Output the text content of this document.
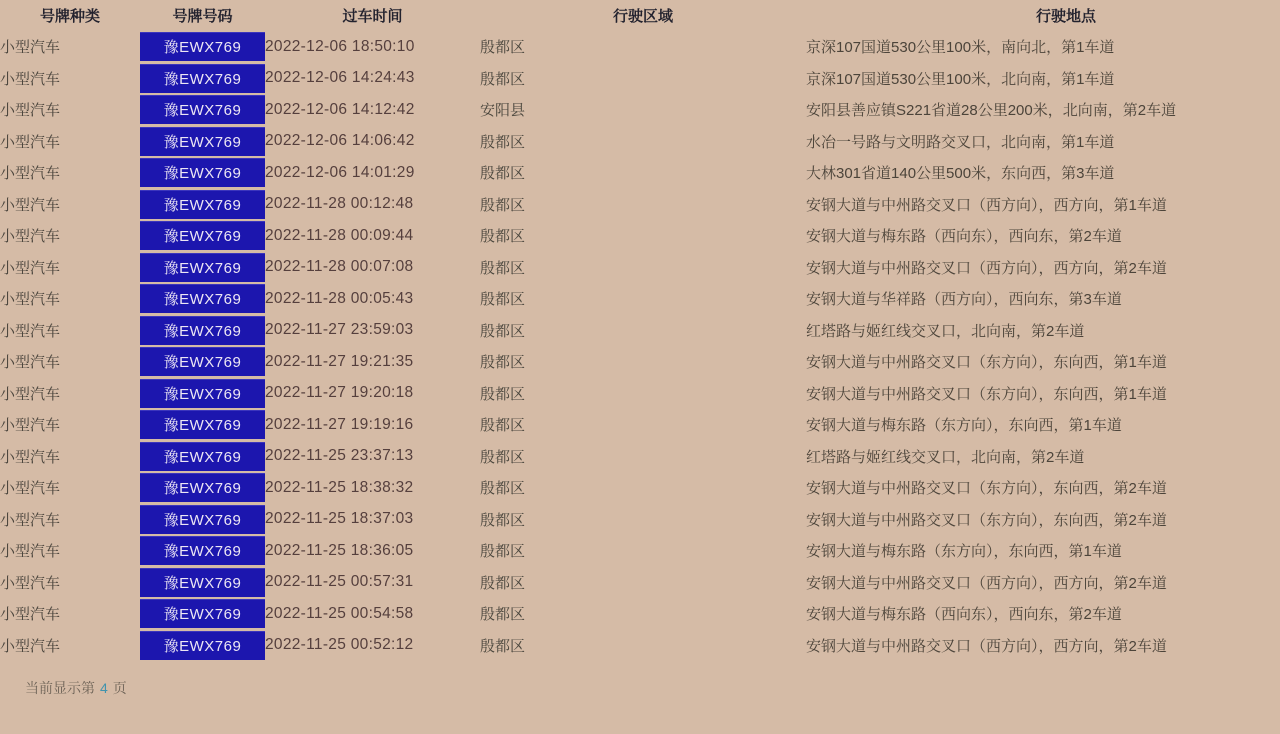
号牌种类	号牌号码	过车时间	行驶区域	行驶地点
小型汽车	豫EWX769	2022-12-06 18:50:10	殷都区	京深107国道530公里100米，南向北，第1车道
小型汽车	豫EWX769	2022-12-06 14:24:43	殷都区	京深107国道530公里100米，北向南，第1车道
小型汽车	豫EWX769	2022-12-06 14:12:42	安阳县	安阳县善应镇S221省道28公里200米，北向南，第2车道
小型汽车	豫EWX769	2022-12-06 14:06:42	殷都区	水冶一号路与文明路交叉口，北向南，第1车道
小型汽车	豫EWX769	2022-12-06 14:01:29	殷都区	大林301省道140公里500米，东向西，第3车道
小型汽车	豫EWX769	2022-11-28 00:12:48	殷都区	安钢大道与中州路交叉口（西方向），西方向，第1车道
小型汽车	豫EWX769	2022-11-28 00:09:44	殷都区	安钢大道与梅东路（西向东），西向东，第2车道
小型汽车	豫EWX769	2022-11-28 00:07:08	殷都区	安钢大道与中州路交叉口（西方向），西方向，第2车道
小型汽车	豫EWX769	2022-11-28 00:05:43	殷都区	安钢大道与华祥路（西方向），西向东，第3车道
小型汽车	豫EWX769	2022-11-27 23:59:03	殷都区	红塔路与姬红线交叉口，北向南，第2车道
小型汽车	豫EWX769	2022-11-27 19:21:35	殷都区	安钢大道与中州路交叉口（东方向），东向西，第1车道
小型汽车	豫EWX769	2022-11-27 19:20:18	殷都区	安钢大道与中州路交叉口（东方向），东向西，第1车道
小型汽车	豫EWX769	2022-11-27 19:19:16	殷都区	安钢大道与梅东路（东方向），东向西，第1车道
小型汽车	豫EWX769	2022-11-25 23:37:13	殷都区	红塔路与姬红线交叉口，北向南，第2车道
小型汽车	豫EWX769	2022-11-25 18:38:32	殷都区	安钢大道与中州路交叉口（东方向），东向西，第2车道
小型汽车	豫EWX769	2022-11-25 18:37:03	殷都区	安钢大道与中州路交叉口（东方向），东向西，第2车道
小型汽车	豫EWX769	2022-11-25 18:36:05	殷都区	安钢大道与梅东路（东方向），东向西，第1车道
小型汽车	豫EWX769	2022-11-25 00:57:31	殷都区	安钢大道与中州路交叉口（西方向），西方向，第2车道
小型汽车	豫EWX769	2022-11-25 00:54:58	殷都区	安钢大道与梅东路（西向东），西向东，第2车道
小型汽车	豫EWX769	2022-11-25 00:52:12	殷都区	安钢大道与中州路交叉口（西方向），西方向，第2车道
当前显示第 4 页
